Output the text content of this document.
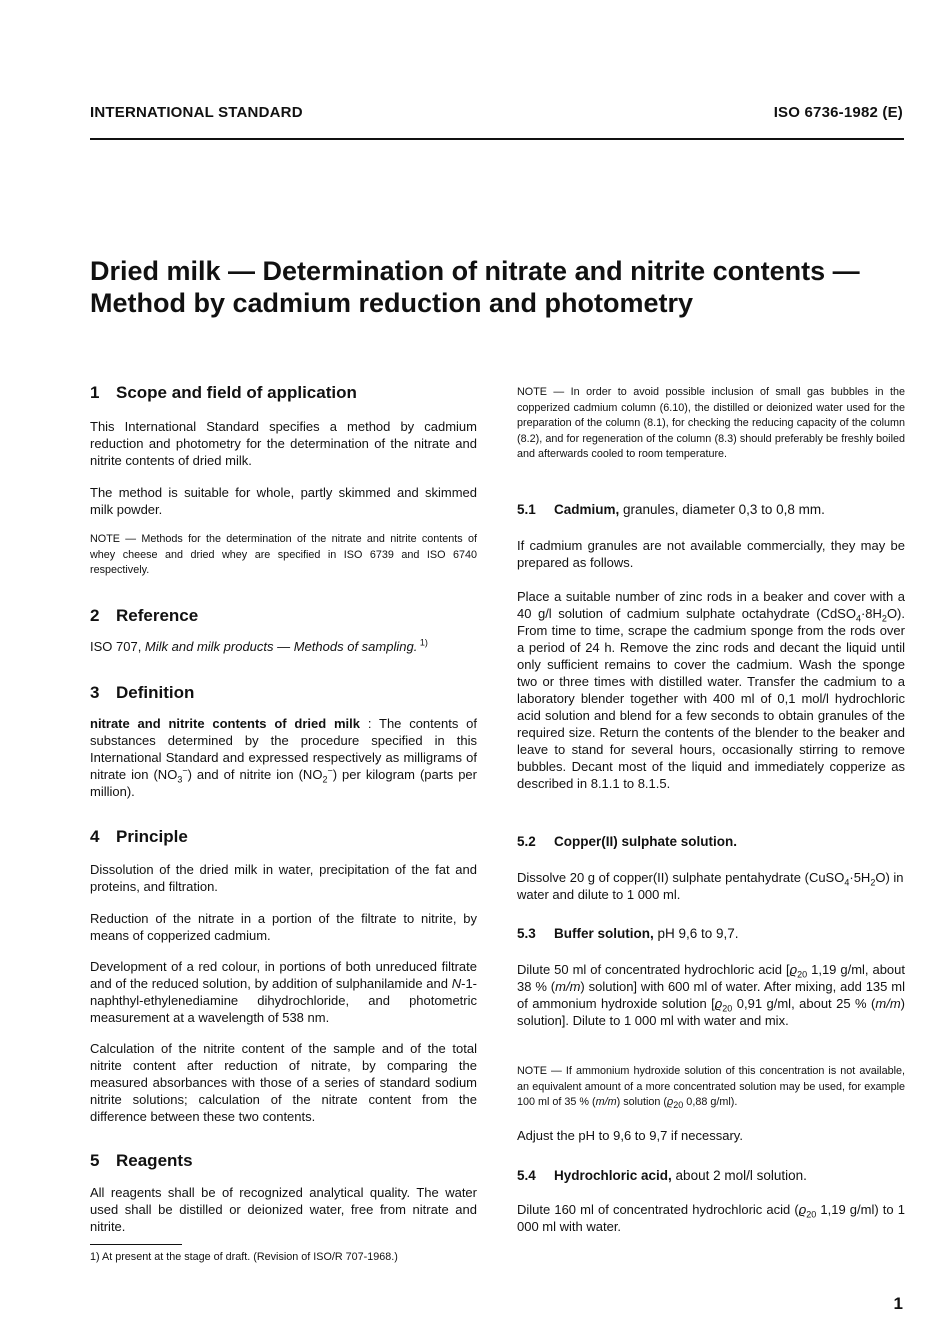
INTERNATIONAL STANDARD	ISO 6736-1982 (E)
Dried milk — Determination of nitrate and nitrite contents —
Method by cadmium reduction and photometry
1 Scope and field of application

This International Standard specifies a method by cadmium reduction and photometry for the determination of the nitrate and nitrite contents of dried milk.

The method is suitable for whole, partly skimmed and skimmed milk powder.

NOTE — Methods for the determination of the nitrate and nitrite contents of whey cheese and dried whey are specified in ISO 6739 and ISO 6740 respectively.

2 Reference

ISO 707, Milk and milk products — Methods of sampling. $^{1)}$

3 Definition

nitrate and nitrite contents of dried milk : The contents of substances determined by the procedure specified in this International Standard and expressed respectively as milligrams of nitrate ion $(NO_3^-)$ and of nitrite ion $(NO_2^-)$ per kilogram (parts per million).

4 Principle

Dissolution of the dried milk in water, precipitation of the fat and proteins, and filtration.

Reduction of the nitrate in a portion of the filtrate to nitrite, by means of copperized cadmium.

Development of a red colour, in portions of both unreduced filtrate and of the reduced solution, by addition of sulphanilamide and N-1-naphthyl-ethylenediamine dihydrochloride, and photometric measurement at a wavelength of 538 nm.

Calculation of the nitrite content of the sample and of the total nitrite content after reduction of nitrate, by comparing the measured absorbances with those of a series of standard sodium nitrite solutions; calculation of the nitrate content from the difference between these two contents.

5 Reagents

All reagents shall be of recognized analytical quality. The water used shall be distilled or deionized water, free from nitrate and nitrite.

1) At present at the stage of draft. (Revision of ISO/R 707-1968.)

NOTE — In order to avoid possible inclusion of small gas bubbles in the copperized cadmium column (6.10), the distilled or deionized water used for the preparation of the column (8.1), for checking the reducing capacity of the column (8.2), and for regeneration of the column (8.3) should preferably be freshly boiled and afterwards cooled to room temperature.

5.1 Cadmium, granules, diameter 0,3 to 0,8 mm.

If cadmium granules are not available commercially, they may be prepared as follows.

Place a suitable number of zinc rods in a beaker and cover with a 40 g/l solution of cadmium sulphate octahydrate $(CdSO_4\cdot 8H_2O)$. From time to time, scrape the cadmium sponge from the rods over a period of 24 h. Remove the zinc rods and decant the liquid until only sufficient remains to cover the cadmium. Wash the sponge two or three times with distilled water. Transfer the cadmium to a laboratory blender together with 400 ml of 0,1 mol/l hydrochloric acid solution and blend for a few seconds to obtain granules of the required size. Return the contents of the blender to the beaker and leave to stand for several hours, occasionally stirring to remove bubbles. Decant most of the liquid and immediately copperize as described in 8.1.1 to 8.1.5.

5.2 Copper(II) sulphate solution.

Dissolve 20 g of copper(II) sulphate pentahydrate $(CuSO_4\cdot 5H_2O)$ in water and dilute to 1 000 ml.

5.3 Buffer solution, pH 9,6 to 9,7.

Dilute 50 ml of concentrated hydrochloric acid [$ϱ_{20}$ 1,19 g/ml, about 38 % (m/m) solution] with 600 ml of water. After mixing, add 135 ml of ammonium hydroxide solution [$ϱ_{20}$ 0,91 g/ml, about 25 % (m/m) solution]. Dilute to 1 000 ml with water and mix.

NOTE — If ammonium hydroxide solution of this concentration is not available, an equivalent amount of a more concentrated solution may be used, for example 100 ml of 35 % (m/m) solution ($ϱ_{20}$ 0,88 g/ml).

Adjust the pH to 9,6 to 9,7 if necessary.

5.4 Hydrochloric acid, about 2 mol/l solution.

Dilute 160 ml of concentrated hydrochloric acid ($ϱ_{20}$ 1,19 g/ml) to 1 000 ml with water.

1
